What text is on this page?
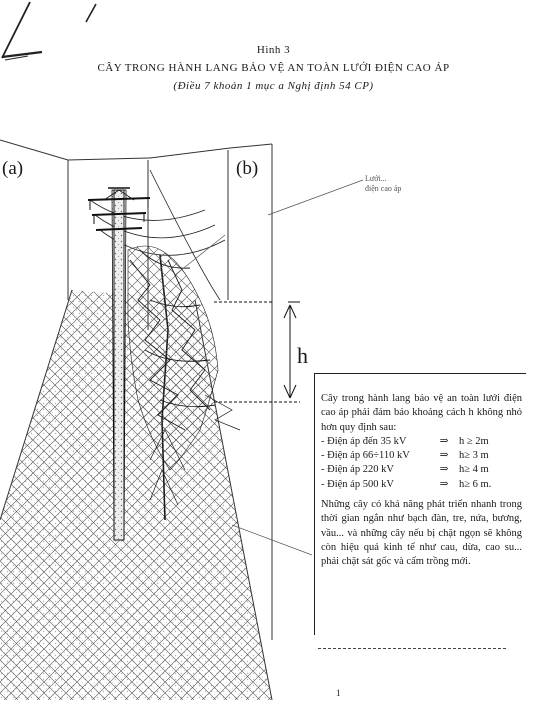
Hình 3
CÂY TRONG HÀNH LANG BẢO VỆ AN TOÀN LƯỚI ĐIỆN CAO ÁP
(Điều 7 khoản 1 mục a Nghị định 54 CP)
(a)	(b)
h
Lưới...
điện cao áp

Cây trong hành lang bảo vệ an toàn lưới điện cao áp phải đảm bảo khoảng cách h không nhỏ hơn quy định sau:

- Điện áp đến 35 kV	⇒	h ≥ 2m
- Điện áp 66÷110 kV	⇒	h≥ 3 m
- Điện áp 220 kV	⇒	h≥ 4 m
- Điện áp 500 kV	⇒	h≥ 6 m.

Những cây có khả năng phát triển nhanh trong thời gian ngắn như bạch đàn, tre, nứa, bương, vầu... và những cây nếu bị chặt ngọn sẽ không còn hiệu quả kinh tế như cau, dừa, cao su... phải chặt sát gốc và cấm trồng mới.

1
